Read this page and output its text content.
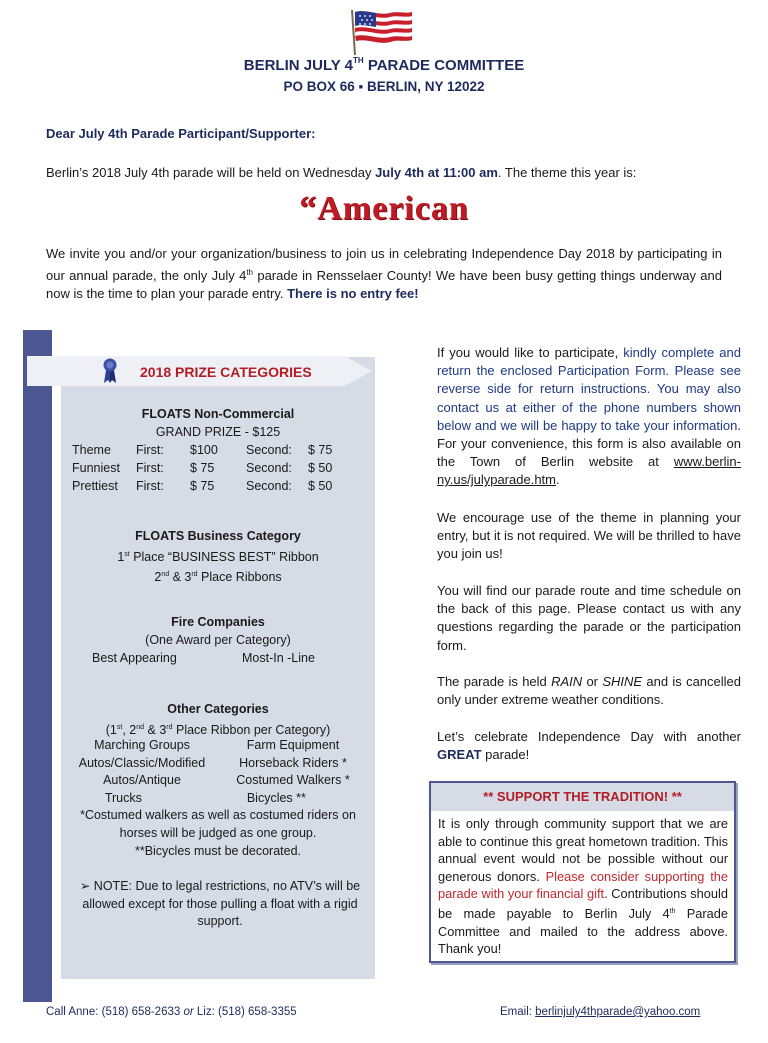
BERLIN JULY 4TH PARADE COMMITTEE
PO BOX 66 ▪ BERLIN, NY 12022
Dear July 4th Parade Participant/Supporter:
Berlin’s 2018 July 4th parade will be held on Wednesday July 4th at 11:00 am. The theme this year is:
“American
We invite you and/or your organization/business to join us in celebrating Independence Day 2018 by participating in our annual parade, the only July 4th parade in Rensselaer County! We have been busy getting things underway and now is the time to plan your parade entry. There is no entry fee!
2018 PRIZE CATEGORIES
FLOATS Non-Commercial
GRAND PRIZE - $125
Theme	First:	$100	Second:	$ 75
Funniest	First:	$ 75	Second:	$ 50
Prettiest	First:	$ 75	Second:	$ 50
FLOATS Business Category
1st Place “BUSINESS BEST” Ribbon
2nd & 3rd Place Ribbons
Fire Companies
(One Award per Category)
Best Appearing	Most-In -Line
Other Categories
(1st, 2nd & 3rd Place Ribbon per Category)
Marching Groups	Farm Equipment
Autos/Classic/Modified	Horseback Riders *
Autos/Antique	Costumed Walkers *
Trucks	Bicycles **
*Costumed walkers as well as costumed riders on horses will be judged as one group.
**Bicycles must be decorated.
➢ NOTE: Due to legal restrictions, no ATV’s will be allowed except for those pulling a float with a rigid support.
If you would like to participate, kindly complete and return the enclosed Participation Form. Please see reverse side for return instructions. You may also contact us at either of the phone numbers shown below and we will be happy to take your information. For your convenience, this form is also available on the Town of Berlin website at www.berlin-ny.us/julyparade.htm.
We encourage use of the theme in planning your entry, but it is not required. We will be thrilled to have you join us!
You will find our parade route and time schedule on the back of this page. Please contact us with any questions regarding the parade or the participation form.
The parade is held RAIN or SHINE and is cancelled only under extreme weather conditions.
Let’s celebrate Independence Day with another GREAT parade!
** SUPPORT THE TRADITION! **
It is only through community support that we are able to continue this great hometown tradition. This annual event would not be possible without our generous donors. Please consider supporting the parade with your financial gift. Contributions should be made payable to Berlin July 4th Parade Committee and mailed to the address above. Thank you!
Call Anne: (518) 658-2633 or Liz: (518) 658-3355	Email: berlinjuly4thparade@yahoo.com
